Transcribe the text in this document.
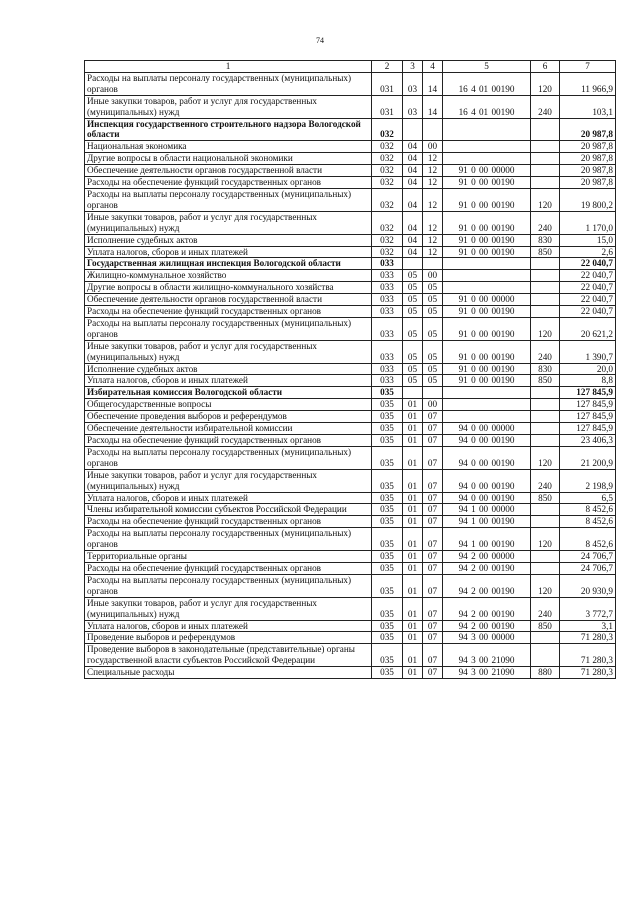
74
1	2	3	4	5	6	7
Расходы на выплаты персоналу государственных (муниципальных) органов	031	03	14	16 4 01 00190	120	11 966,9
Иные закупки товаров, работ и услуг для государственных (муниципальных) нужд	031	03	14	16 4 01 00190	240	103,1
Инспекция государственного строительного надзора Вологодской области	032					20 987,8
Национальная экономика	032	04	00			20 987,8
Другие вопросы в области национальной экономики	032	04	12			20 987,8
Обеспечение деятельности органов государственной власти	032	04	12	91 0 00 00000		20 987,8
Расходы на обеспечение функций государственных органов	032	04	12	91 0 00 00190		20 987,8
Расходы на выплаты персоналу государственных (муниципальных) органов	032	04	12	91 0 00 00190	120	19 800,2
Иные закупки товаров, работ и услуг для государственных (муниципальных) нужд	032	04	12	91 0 00 00190	240	1 170,0
Исполнение судебных актов	032	04	12	91 0 00 00190	830	15,0
Уплата налогов, сборов и иных платежей	032	04	12	91 0 00 00190	850	2,6
Государственная жилищная инспекция Вологодской области	033					22 040,7
Жилищно-коммунальное хозяйство	033	05	00			22 040,7
Другие вопросы в области жилищно-коммунального хозяйства	033	05	05			22 040,7
Обеспечение деятельности органов государственной власти	033	05	05	91 0 00 00000		22 040,7
Расходы на обеспечение функций государственных органов	033	05	05	91 0 00 00190		22 040,7
Расходы на выплаты персоналу государственных (муниципальных) органов	033	05	05	91 0 00 00190	120	20 621,2
Иные закупки товаров, работ и услуг для государственных (муниципальных) нужд	033	05	05	91 0 00 00190	240	1 390,7
Исполнение судебных актов	033	05	05	91 0 00 00190	830	20,0
Уплата налогов, сборов и иных платежей	033	05	05	91 0 00 00190	850	8,8
Избирательная комиссия Вологодской области	035					127 845,9
Общегосударственные вопросы	035	01	00			127 845,9
Обеспечение проведения выборов и референдумов	035	01	07			127 845,9
Обеспечение деятельности избирательной комиссии	035	01	07	94 0 00 00000		127 845,9
Расходы на обеспечение функций государственных органов	035	01	07	94 0 00 00190		23 406,3
Расходы на выплаты персоналу государственных (муниципальных) органов	035	01	07	94 0 00 00190	120	21 200,9
Иные закупки товаров, работ и услуг для государственных (муниципальных) нужд	035	01	07	94 0 00 00190	240	2 198,9
Уплата налогов, сборов и иных платежей	035	01	07	94 0 00 00190	850	6,5
Члены избирательной комиссии субъектов Российской Федерации	035	01	07	94 1 00 00000		8 452,6
Расходы на обеспечение функций государственных органов	035	01	07	94 1 00 00190		8 452,6
Расходы на выплаты персоналу государственных (муниципальных) органов	035	01	07	94 1 00 00190	120	8 452,6
Территориальные органы	035	01	07	94 2 00 00000		24 706,7
Расходы на обеспечение функций государственных органов	035	01	07	94 2 00 00190		24 706,7
Расходы на выплаты персоналу государственных (муниципальных) органов	035	01	07	94 2 00 00190	120	20 930,9
Иные закупки товаров, работ и услуг для государственных (муниципальных) нужд	035	01	07	94 2 00 00190	240	3 772,7
Уплата налогов, сборов и иных платежей	035	01	07	94 2 00 00190	850	3,1
Проведение выборов и референдумов	035	01	07	94 3 00 00000		71 280,3
Проведение выборов в законодательные (представительные) органы государственной власти субъектов Российской Федерации	035	01	07	94 3 00 21090		71 280,3
Специальные расходы	035	01	07	94 3 00 21090	880	71 280,3
